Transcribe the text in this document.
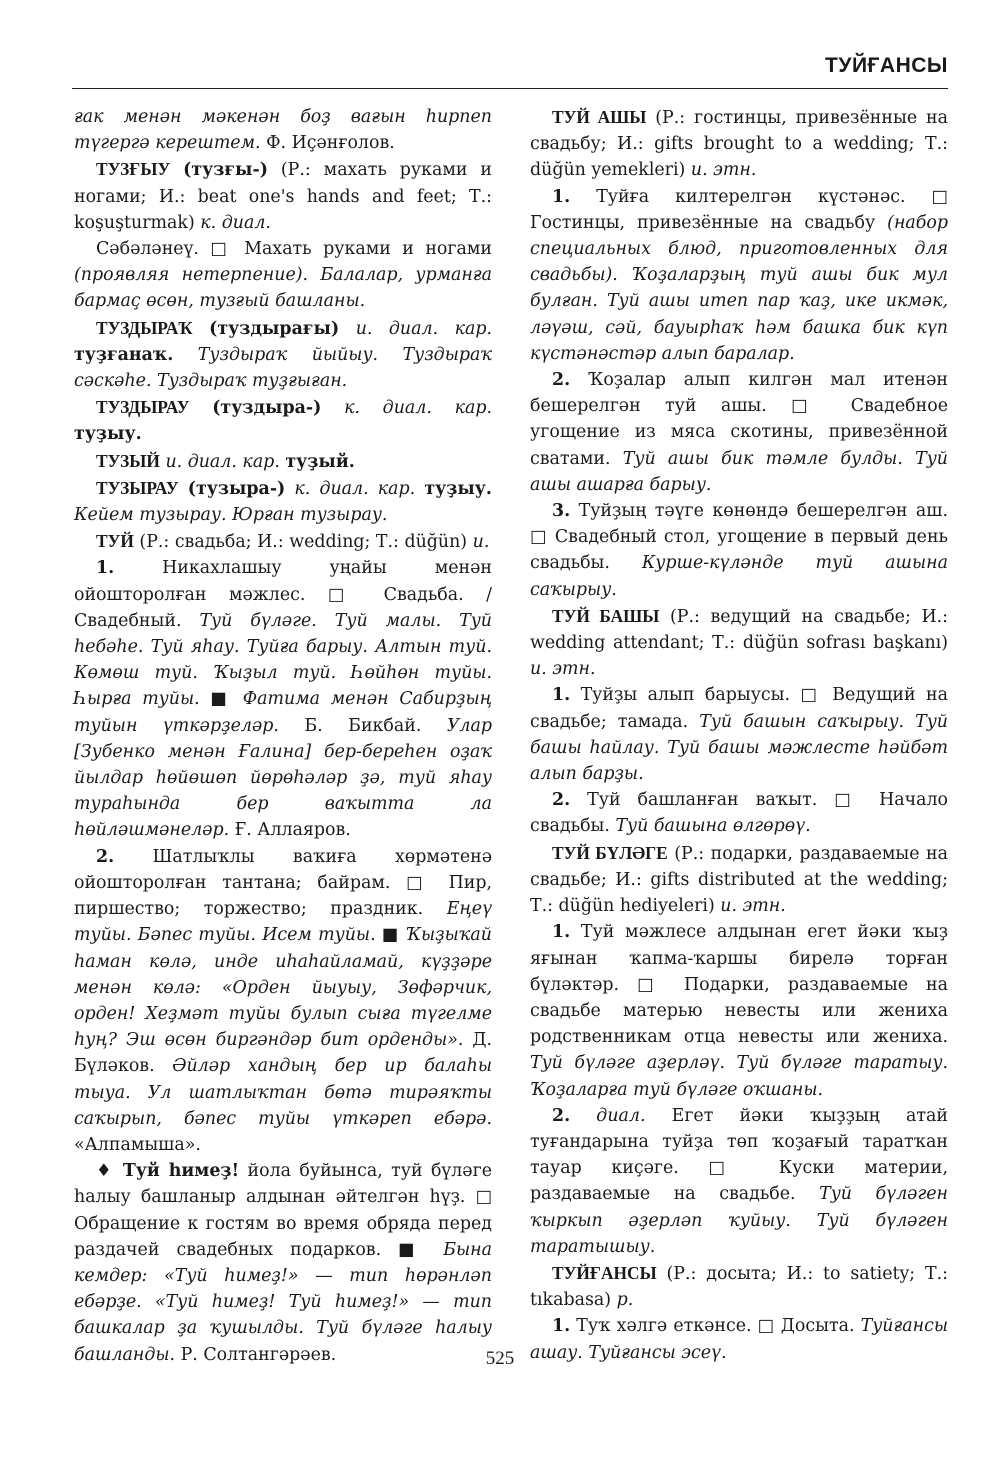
ТУЙҒАНСЫ

ғак менән мәкенән боҙ вағын һирпеп түгергә керештем. Ф. Иҫәнғолов.

ТУЗҒЫУ (тузғы-) (Р.: махать руками и ногами; И.: beat one's hands and feet; Т.: koşuşturmak) к. диал.

Сәбәләнеү. □ Махать руками и ногами (проявляя нетерпение). Балалар, урманға бармаҫ өсөн, тузғый башланы.

ТУЗДЫРАҠ (туздырағы) и. диал. кар. туҙғанаҡ. Туздыраҡ йыйыу. Туздыраҡ сәскәһе. Туздыраҡ туҙғыған.

ТУЗДЫРАУ (туздыра-) к. диал. кар. туҙыу.

ТУЗЫЙ и. диал. кар. туҙый.

ТУЗЫРАУ (тузыра-) к. диал. кар. туҙыу. Кейем тузырау. Юрған тузырау.

ТУЙ (Р.: свадьба; И.: wedding; Т.: düğün) и.

1. Никахлашыу уңайы менән ойошторолған мәжлес. □ Свадьба. / Свадебный. Туй бүләге. Туй малы. Туй һебәһе. Туй яһау. Туйға барыу. Алтын туй. Көмөш туй. Ҡыҙыл туй. Һөйһөн туйы. Һырға туйы. ■ Фатима менән Сабирҙың туйын үткәрҙеләр. Б. Бикбай. Улар [Зубенко менән Ғалина] бер-береһен оҙаҡ йылдар һөйөшөп йөрөһәләр ҙә, туй яһау тураһында бер ваҡытта ла һөйләшмәнеләр. Ғ. Аллаяров.

2. Шатлыҡлы ваҡиға хөрмәтенә ойошторолған тантана; байрам. □ Пир, пиршество; торжество; праздник. Еңеү туйы. Бәпес туйы. Исем туйы. ■ Ҡыҙыҡай һаман көлә, инде иһаһайламай, күҙҙәре менән көлә: «Орден йыуыу, Зөфәрчик, орден! Хеҙмәт туйы булып сыға түгелме һуң? Эш өсөн биргәндәр бит орденды». Д. Бүләков. Әйләр хандың бер ир балаһы тыуа. Ул шатлыҡтан бөтә тирәяҡты саҡырып, бәпес туйы үткәреп ебәрә. «Алпамыша».

♦ Туй һимеҙ! йола буйынса, туй бүләге һалыу башланыр алдынан әйтелгән һүҙ. □ Обращение к гостям во время обряда перед раздачей свадебных подарков. ■ Бына кемдер: «Туй һимеҙ!» — тип һөрәнләп ебәрҙе. «Туй һимеҙ! Туй һимеҙ!» — тип башкалар ҙа ҡушылды. Туй бүләге һалыу башланды. Р. Солтангәрәев.

ТУЙ АШЫ (Р.: гостинцы, привезённые на свадьбу; И.: gifts brought to a wedding; Т.: düğün yemekleri) и. этн.

1. Туйға килтерелгән күстәнәс. □ Гостинцы, привезённые на свадьбу (набор специальных блюд, приготовленных для свадьбы). Ҡоҙаларҙың туй ашы бик мул булған. Туй ашы итеп пар ҡаҙ, ике икмәк, ләүәш, сәй, бауырһаҡ һәм башка бик күп күстәнәстәр алып баралар.

2. Ҡоҙалар алып килгән мал итенән бешерелгән туй ашы. □ Свадебное угощение из мяса скотины, привезённой сватами. Туй ашы бик тәмле булды. Туй ашы ашарға барыу.

3. Туйҙың тәүге көнөндә бешерелгән аш. □ Свадебный стол, угощение в первый день свадьбы. Курше-күләнде туй ашына саҡырыу.

ТУЙ БАШЫ (Р.: ведущий на свадьбе; И.: wedding attendant; Т.: düğün sofrası başkanı) и. этн.

1. Туйҙы алып барыусы. □ Ведущий на свадьбе; тамада. Туй башын саҡырыу. Туй башы һайлау. Туй башы мәжлесте һәйбәт алып барҙы.

2. Туй башланған ваҡыт. □ Начало свадьбы. Туй башына өлгөрөү.

ТУЙ БҮЛӘГЕ (Р.: подарки, раздаваемые на свадьбе; И.: gifts distributed at the wedding; Т.: düğün hediyeleri) и. этн.

1. Туй мәжлесе алдынан егет йәки ҡыҙ яғынан ҡапма-ҡаршы бирелә торған бүләктәр. □ Подарки, раздаваемые на свадьбе матерью невесты или жениха родственникам отца невесты или жениха. Туй бүләге аҙерләү. Туй бүләге таратыу. Ҡоҙаларға туй бүләге оҡшаны.

2. диал. Егет йәки ҡыҙҙың атай туғандарына туйҙа төп ҡоҙағый таратҡан тауар киҫәге. □ Куски материи, раздаваемые на свадьбе. Туй бүләген ҡыркып әҙерләп ҡуйыу. Туй бүләген таратышыу.

ТУЙҒАНСЫ (Р.: досыта; И.: to satiety; Т.: tıkabasa) р.

1. Туҡ хәлгә еткәнсе. □ Досыта. Туйғансы ашау. Туйғансы эсеү.

525
